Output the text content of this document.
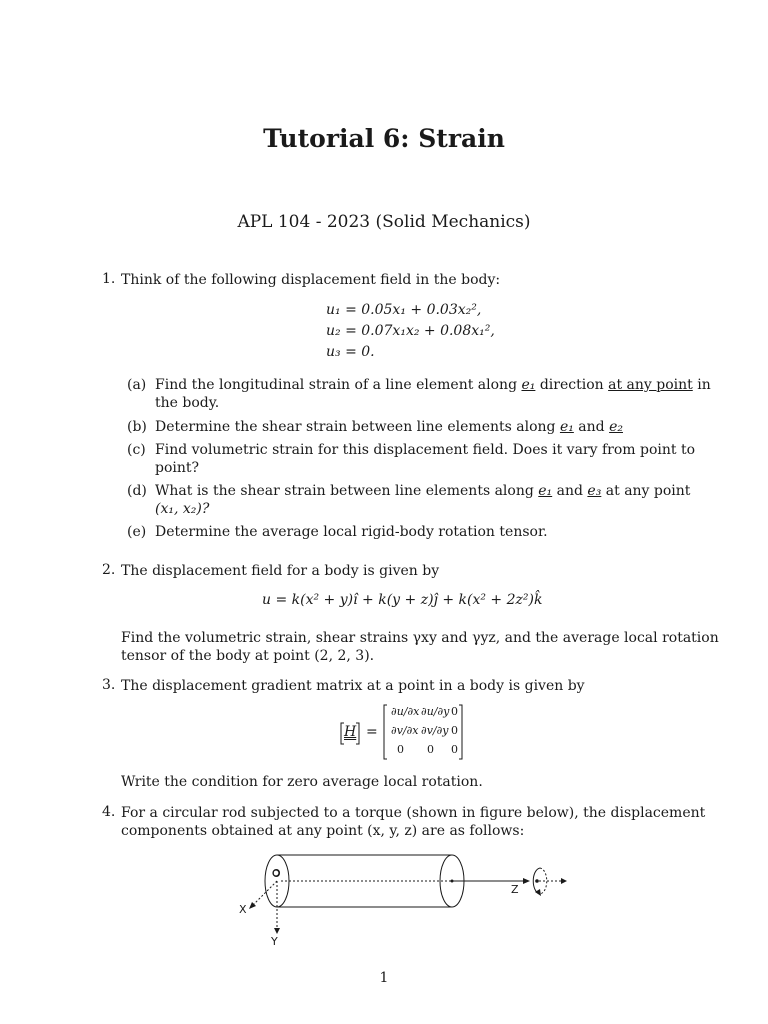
Tutorial 6: Strain
APL 104 - 2023 (Solid Mechanics)
1. Think of the following displacement field in the body:
u₁ = 0.05x₁ + 0.03x₂²,
u₂ = 0.07x₁x₂ + 0.08x₁²,
u₃ = 0.
(a) Find the longitudinal strain of a line element along e₁ direction at any point in
the body.
(b) Determine the shear strain between line elements along e₁ and e₂
(c) Find volumetric strain for this displacement field. Does it vary from point to
point?
(d) What is the shear strain between line elements along e₁ and e₃ at any point
(x₁, x₂)?
(e) Determine the average local rigid-body rotation tensor.
2. The displacement field for a body is given by
u = k(x² + y)î + k(y + z)ĵ + k(x² + 2z²)k̂
Find the volumetric strain, shear strains γxy and γyz, and the average local rotation
tensor of the body at point (2, 2, 3).
3. The displacement gradient matrix at a point in a body is given by
H =
∂u/∂x ∂u/∂y 0
∂v/∂x ∂v/∂y 0
0 0 0
Write the condition for zero average local rotation.
4. For a circular rod subjected to a torque (shown in figure below), the displacement
components obtained at any point (x, y, z) are as follows:
O
X
Y
Z
1
